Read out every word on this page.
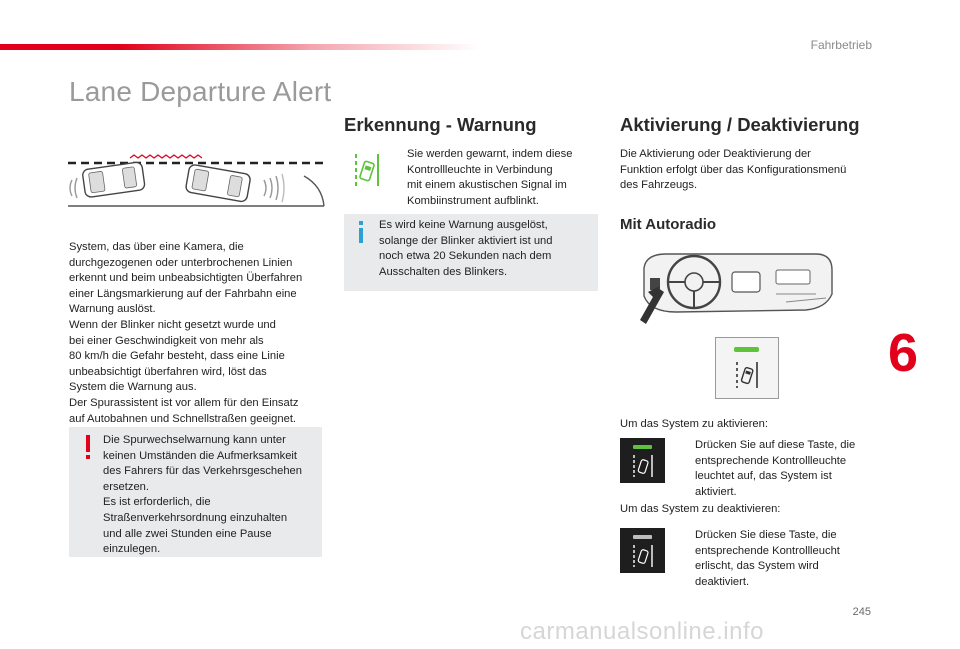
Fahrbetrieb
Lane Departure Alert
System, das über eine Kamera, die
durchgezogenen oder unterbrochenen Linien
erkennt und beim unbeabsichtigten Überfahren
einer Längsmarkierung auf der Fahrbahn eine
Warnung auslöst.
Wenn der Blinker nicht gesetzt wurde und
bei einer Geschwindigkeit von mehr als
80 km/h die Gefahr besteht, dass eine Linie
unbeabsichtigt überfahren wird, löst das
System die Warnung aus.
Der Spurassistent ist vor allem für den Einsatz
auf Autobahnen und Schnellstraßen geeignet.
Die Spurwechselwarnung kann unter
keinen Umständen die Aufmerksamkeit
des Fahrers für das Verkehrsgeschehen
ersetzen.
Es ist erforderlich, die
Straßenverkehrsordnung einzuhalten
und alle zwei Stunden eine Pause
einzulegen.
Erkennung - Warnung
Sie werden gewarnt, indem diese
Kontrollleuchte in Verbindung
mit einem akustischen Signal im
Kombiinstrument aufblinkt.
Es wird keine Warnung ausgelöst,
solange der Blinker aktiviert ist und
noch etwa 20 Sekunden nach dem
Ausschalten des Blinkers.
Aktivierung / Deaktivierung
Die Aktivierung oder Deaktivierung der
Funktion erfolgt über das Konfigurationsmenü
des Fahrzeugs.
Mit Autoradio
Um das System zu aktivieren:
Drücken Sie auf diese Taste, die
entsprechende Kontrollleuchte
leuchtet auf, das System ist
aktiviert.
Um das System zu deaktivieren:
Drücken Sie diese Taste, die
entsprechende Kontrollleucht
erlischt, das System wird
deaktiviert.
6
245
carmanualsonline.info
